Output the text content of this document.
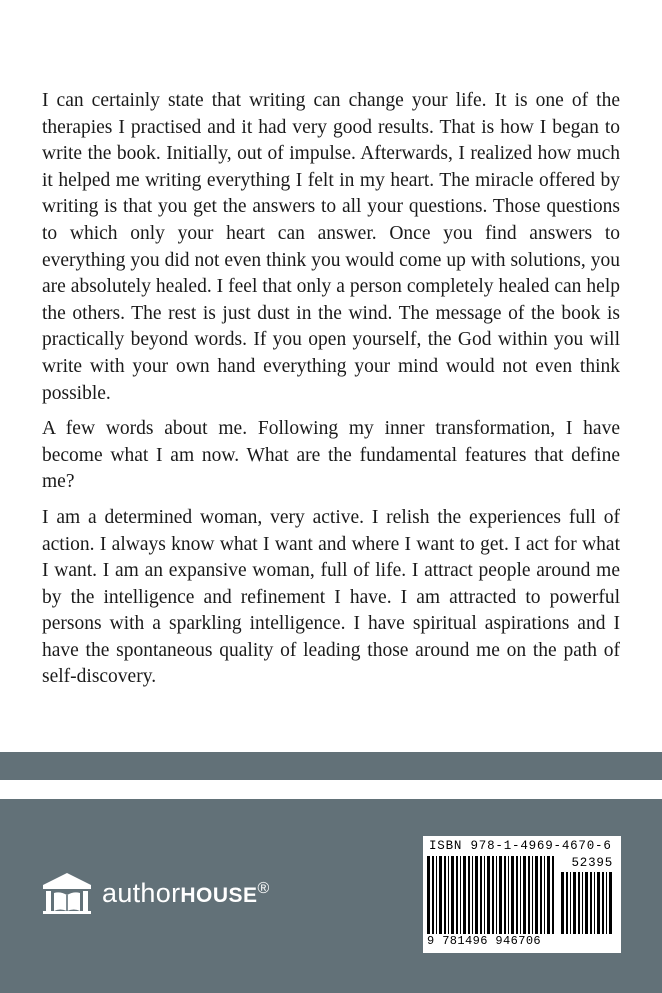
I can certainly state that writing can change your life. It is one of the therapies I practised and it had very good results. That is how I began to write the book. Initially, out of impulse. Afterwards, I realized how much it helped me writing everything I felt in my heart. The miracle offered by writing is that you get the answers to all your questions. Those questions to which only your heart can answer. Once you find answers to everything you did not even think you would come up with solutions, you are absolutely healed. I feel that only a person completely healed can help the others. The rest is just dust in the wind. The message of the book is practically beyond words. If you open yourself, the God within you will write with your own hand everything your mind would not even think possible.

A few words about me. Following my inner transformation, I have become what I am now. What are the fundamental features that define me?

I am a determined woman, very active. I relish the experiences full of action. I always know what I want and where I want to get. I act for what I want. I am an expansive woman, full of life. I attract people around me by the intelligence and refinement I have. I am attracted to powerful persons with a sparkling intelligence. I have spiritual aspirations and I have the spontaneous quality of leading those around me on the path of self-discovery.

authorHOUSE®
ISBN 978-1-4969-4670-6
52395
9 781496 946706
